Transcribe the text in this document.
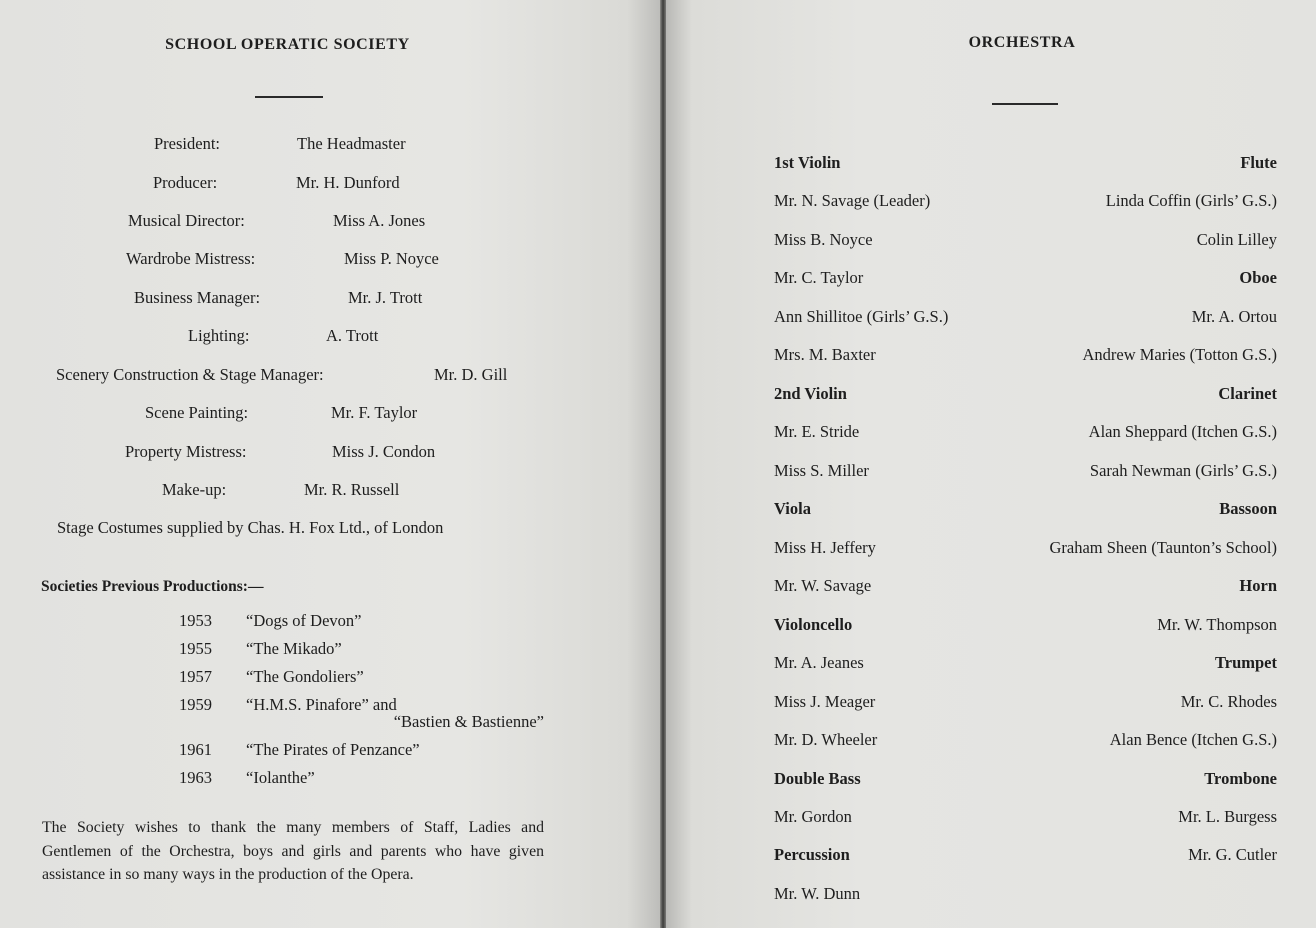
SCHOOL OPERATIC SOCIETY
President:	The Headmaster
Producer:	Mr. H. Dunford
Musical Director:	Miss A. Jones
Wardrobe Mistress:	Miss P. Noyce
Business Manager:	Mr. J. Trott
Lighting:	A. Trott
Scenery Construction & Stage Manager:	Mr. D. Gill
Scene Painting:	Mr. F. Taylor
Property Mistress:	Miss J. Condon
Make-up:	Mr. R. Russell
Stage Costumes supplied by Chas. H. Fox Ltd., of London
Societies Previous Productions:—
1953 “Dogs of Devon”
1955 “The Mikado”
1957 “The Gondoliers”
1959 “H.M.S. Pinafore” and
“Bastien & Bastienne”
1961 “The Pirates of Penzance”
1963 “Iolanthe”
The Society wishes to thank the many members of Staff, Ladies and Gentlemen of the Orchestra, boys and girls and parents who have given assistance in so many ways in the production of the Opera.
ORCHESTRA
1st Violin
Mr. N. Savage (Leader)
Miss B. Noyce
Mr. C. Taylor
Ann Shillitoe (Girls’ G.S.)
Mrs. M. Baxter
2nd Violin
Mr. E. Stride
Miss S. Miller
Viola
Miss H. Jeffery
Mr. W. Savage
Violoncello
Mr. A. Jeanes
Miss J. Meager
Mr. D. Wheeler
Double Bass
Mr. Gordon
Percussion
Mr. W. Dunn
Flute
Linda Coffin (Girls’ G.S.)
Colin Lilley
Oboe
Mr. A. Ortou
Andrew Maries (Totton G.S.)
Clarinet
Alan Sheppard (Itchen G.S.)
Sarah Newman (Girls’ G.S.)
Bassoon
Graham Sheen (Taunton’s School)
Horn
Mr. W. Thompson
Trumpet
Mr. C. Rhodes
Alan Bence (Itchen G.S.)
Trombone
Mr. L. Burgess
Mr. G. Cutler
